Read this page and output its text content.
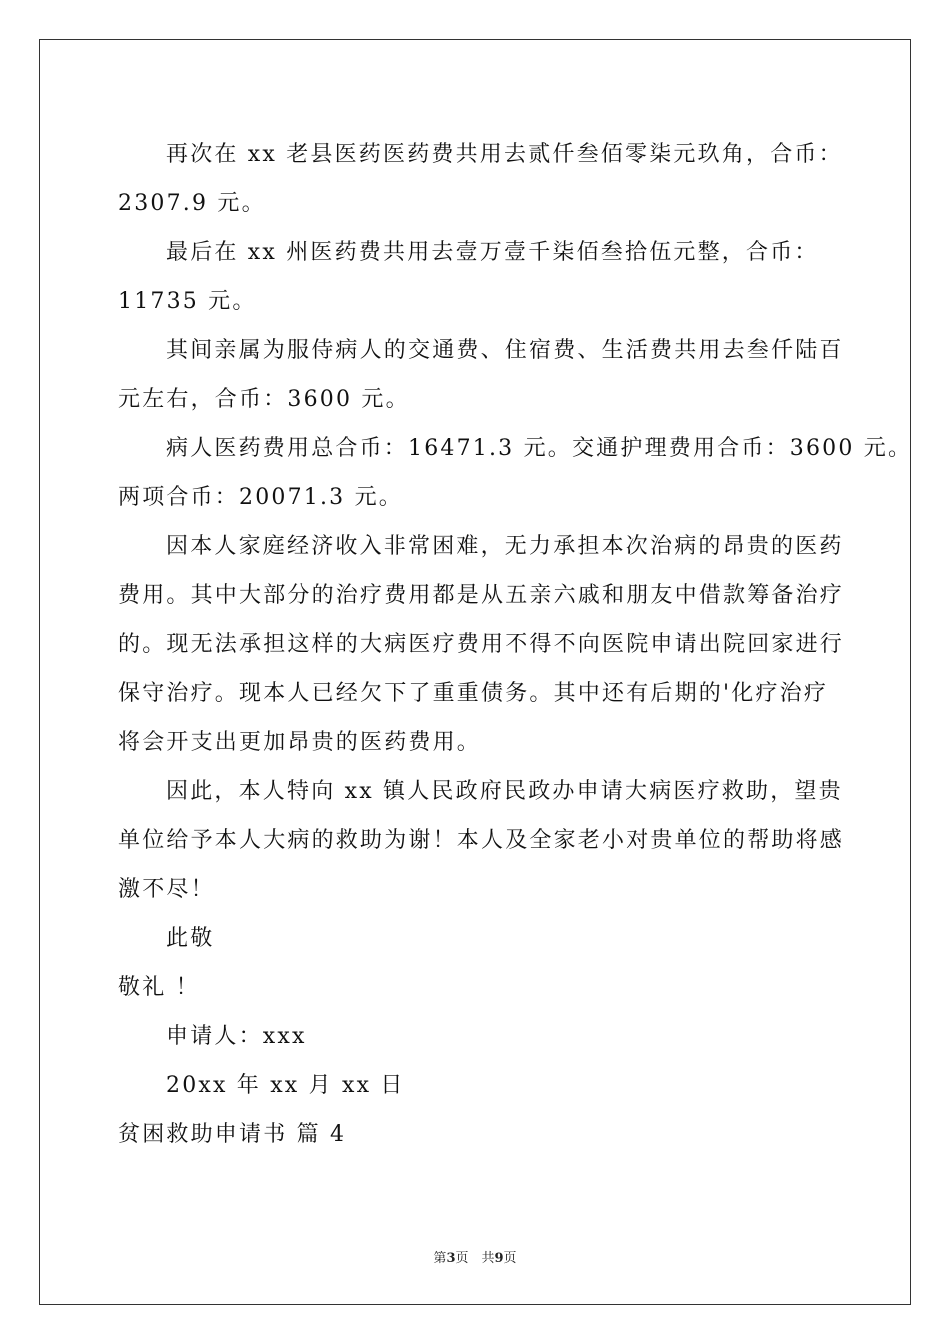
再次在 xx 老县医药医药费共用去贰仟叁佰零柒元玖角，合币：

2307.9 元。

最后在 xx 州医药费共用去壹万壹千柒佰叁拾伍元整，合币：

11735 元。

其间亲属为服侍病人的交通费、住宿费、生活费共用去叁仟陆百

元左右，合币：3600 元。

病人医药费用总合币：16471.3 元。交通护理费用合币：3600 元。

两项合币：20071.3 元。

因本人家庭经济收入非常困难，无力承担本次治病的昂贵的医药

费用。其中大部分的治疗费用都是从五亲六戚和朋友中借款筹备治疗

的。现无法承担这样的大病医疗费用不得不向医院申请出院回家进行

保守治疗。现本人已经欠下了重重债务。其中还有后期的'化疗治疗

将会开支出更加昂贵的医药费用。

因此，本人特向 xx 镇人民政府民政办申请大病医疗救助，望贵

单位给予本人大病的救助为谢！本人及全家老小对贵单位的帮助将感

激不尽！

此敬

敬礼 ！

申请人：xxx

20xx 年 xx 月 xx 日

贫困救助申请书 篇 4

第3页　共9页
